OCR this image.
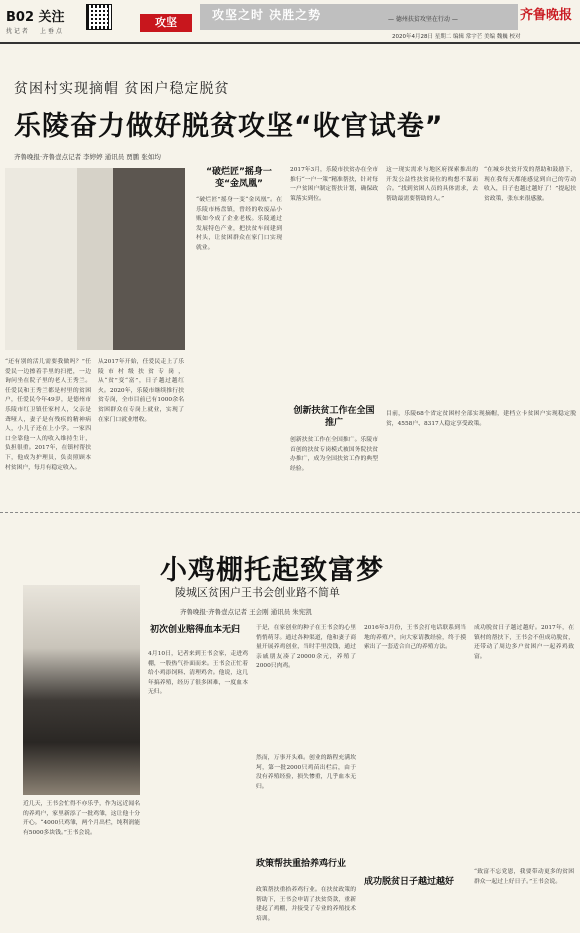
B02 关注
扰 记 者 上 垂 点
攻坚
攻坚之时 决胜之势	— 德州扶贫攻坚在行动 —	齐鲁晚报
2020年4月28日 星期二 编辑 常宇芒 美编 魏巍 校对
贫困村实现摘帽 贫困户稳定脱贫
乐陵奋力做好脱贫攻坚“收官试卷”
齐鲁晚报·齐鲁壹点记者 李婷婷 通讯员 贾鹏 张如均
“还有别的活儿需要我做吗？”任爱民一边擦着手里的扫把，一边询问坐在院子里的老人王秀兰。任爱民和王秀兰都是村里的贫困户，任爱民今年49岁，是德州市乐陵市红卫镇任家村人，父亲是聋哑人，妻子是有残疾的精神病人，小儿子还在上小学。一家四口全靠他一人的收入维持生计，负担很重。2017年，在镇村帮扶下，他成为护理员，负责照顾本村贫困户，每月有稳定收入。
从2017年开始，任爱民走上了乐陵市村级扶贫专岗，从“贫”变“富”，日子越过越红火。2020年，乐陵市继续推行扶贫专岗，全市目前已有1000余名贫困群众在专岗上就业，实现了在家门口就业增收。
“破烂匠”摇身一变“金凤凰”
“破烂匠”摇身一变“金凤凰”。在乐陵市杨盘镇，曾经的收废品小贩如今成了企业老板。乐陵通过发展特色产业，把扶贫车间建到村头，让贫困群众在家门口实现就业。
2017年3月，乐陵市扶贫办在全市推行“一户一策”精准帮扶，针对每一户贫困户制定帮扶计划，确保政策落实到位。
创新扶贫工作在全国推广
创新扶贫工作在全国推广。乐陵市首创的扶贫专岗模式被国务院扶贫办推广，成为全国扶贫工作的典型经验。
这一现实需求与地区府探索推出的开发公益性扶贫岗位的构想不谋而合。“找到贫困人员的具体需求，去帮助最需要帮助的人。”
“在城乡扶贫开发的帮助和鼓励下，现在我每天都能感觉到自己的劳动收入，日子也越过越好了！”提起扶贫政策，张东来很感激。
目前，乐陵68个省定贫困村全部实现摘帽，建档立卡贫困户实现稳定脱贫，4558户、8317人稳定享受政策。
小鸡棚托起致富梦
陵城区贫困户王书会创业路不简单
齐鲁晚报·齐鲁壹点记者 王会刚 通讯员 朱宪凯
近几天，王书会忙得不亦乐乎，作为远近闻名的养鸡户，家里新添了一批鸡雏，这让他十分开心。“4000只鸡雏，两个月出栏，纯利润能有5000多块钱。”王书会说。
初次创业赔得血本无归
4月10日，记者来到王书会家，走进鸡棚，一股热气扑面而来。王书会正忙着给小鸡添饲料、清理鸡舍。他说，这几年搞养殖，经历了很多困难，一度血本无归。
于是，在家创业的种子在王书会的心里悄悄萌芽。通过各种渠道，他和妻子商量开展养鸡创业，当时手里没钱，通过亲戚朋友凑了20000余元，养殖了2000只肉鸡。
然而，万事开头难。创业的路程充满坎坷，第一批2000只鸡苗出栏后，由于没有养殖经验，损失惨重，几乎血本无归。
政策帮扶重拾养鸡行业
政策帮扶重拾养鸡行业。在扶贫政策的帮助下，王书会申请了扶贫贷款，重新建起了鸡棚，并接受了专业的养殖技术培训。
2016年5月份，王书会打电话联系到当地的养殖户，向大家请教经验，终于摸索出了一套适合自己的养殖方法。
成功脱贫日子越过越好
成功脱贫日子越过越好。2017年，在镇村的帮扶下，王书会不但成功脱贫，还带动了周边多户贫困户一起养鸡致富。
“致富不忘党恩，我要带动更多的贫困群众一起过上好日子。”王书会说。
